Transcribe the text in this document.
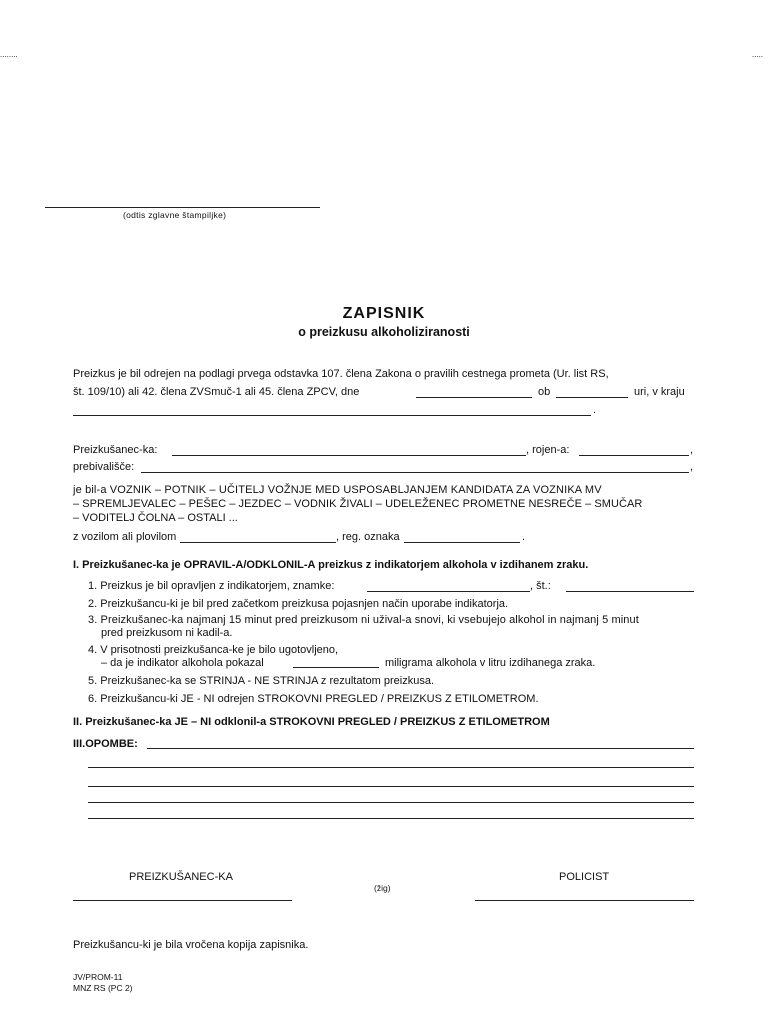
........	.....
(odtis zglavne štampiljke)
ZAPISNIK
o preizkusu alkoholiziranosti
Preizkus je bil odrejen na podlagi prvega odstavka 107. člena Zakona o pravilih cestnega prometa (Ur. list RS,
št. 109/10) ali 42. člena ZVSmuč-1 ali 45. člena ZPCV, dne	ob	uri, v kraju
.
Preizkušanec-ka:	, rojen-a:	,
prebivališče:	,
je bil-a VOZNIK – POTNIK – UČITELJ VOŽNJE MED USPOSABLJANJEM KANDIDATA ZA VOZNIKA MV
– SPREMLJEVALEC – PEŠEC – JEZDEC – VODNIK ŽIVALI – UDELEŽENEC PROMETNE NESREČE – SMUČAR
– VODITELJ ČOLNA – OSTALI ...
z vozilom ali plovilom	, reg. oznaka	.
I. Preizkušanec-ka je OPRAVIL-A/ODKLONIL-A preizkus z indikatorjem alkohola v izdihanem zraku.
1. Preizkus je bil opravljen z indikatorjem, znamke:	, št.:
2. Preizkušancu-ki je bil pred začetkom preizkusa pojasnjen način uporabe indikatorja.
3. Preizkušanec-ka najmanj 15 minut pred preizkusom ni užival-a snovi, ki vsebujejo alkohol in najmanj 5 minut
pred preizkusom ni kadil-a.
4. V prisotnosti preizkušanca-ke je bilo ugotovljeno,
– da je indikator alkohola pokazal	miligrama alkohola v litru izdihanega zraka.
5. Preizkušanec-ka se STRINJA - NE STRINJA z rezultatom preizkusa.
6. Preizkušancu-ki JE - NI odrejen STROKOVNI PREGLED / PREIZKUS Z ETILOMETROM.
II. Preizkušanec-ka JE – NI odklonil-a STROKOVNI PREGLED / PREIZKUS Z ETILOMETROM
III.OPOMBE:
PREIZKUŠANEC-KA
(žig)
POLICIST
Preizkušancu-ki je bila vročena kopija zapisnika.
JV/PROM-11
MNZ RS (PC 2)
